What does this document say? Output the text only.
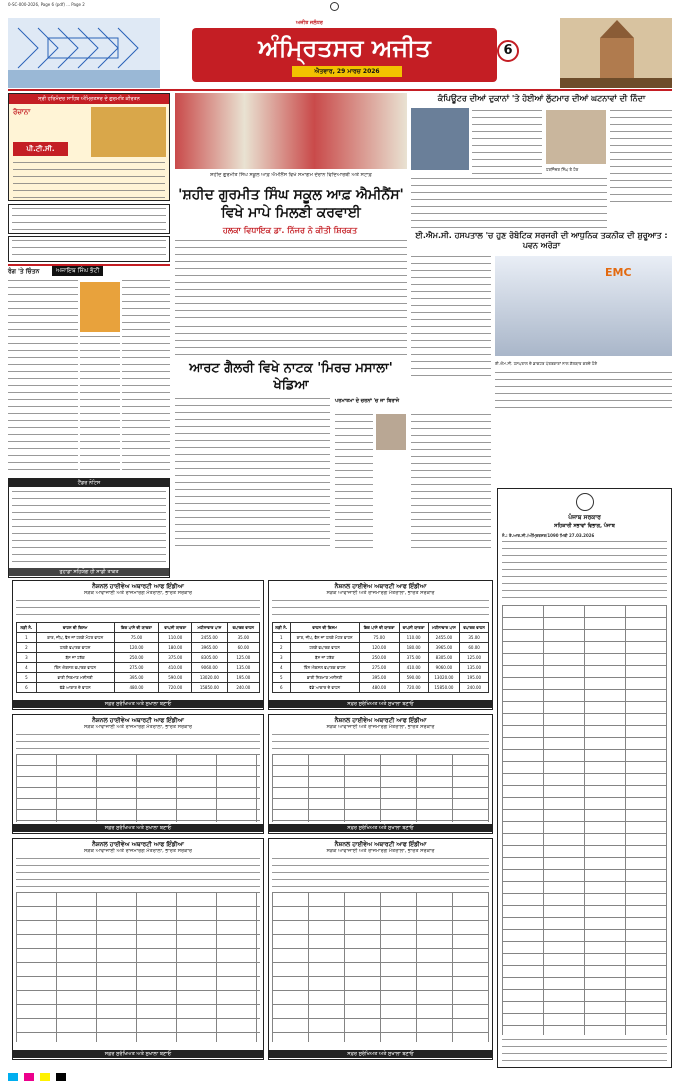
0-SC-000-2026, Page 6 (pdf) ... Page 2
ਅਜੀਤ ਜਲੰਧਰ
ਅੰਮ੍ਰਿਤਸਰ ਅਜੀਤ
ਐਤਵਾਰ, 29 ਮਾਰਚ 2026
6
ਸ੍ਰੀ ਹਰਿਮੰਦਰ ਸਾਹਿਬ ਅੰਮ੍ਰਿਤਸਰ ਦੇ ਗੁਰਮਤਿ ਕੀਰਤਨ
ਰੋਜ਼ਾਨਾ
ਪੀ.ਟੀ.ਸੀ.
ਸ਼ਹੀਦ ਗੁਰਮੀਤ ਸਿੰਘ ਸਕੂਲ ਆਫ਼ ਐਮੀਨੈਂਸ ਵਿਖੇ ਸਮਾਗਮ ਦੌਰਾਨ ਵਿਦਿਆਰਥੀ ਅਤੇ ਸਟਾਫ਼
'ਸ਼ਹੀਦ ਗੁਰਮੀਤ ਸਿੰਘ ਸਕੂਲ ਆਫ਼ ਐਮੀਨੈਂਸ' ਵਿਖੇ ਮਾਪੇ ਮਿਲਣੀ ਕਰਵਾਈ
ਹਲਕਾ ਵਿਧਾਇਕ ਡਾ. ਨਿੱਜਰ ਨੇ ਕੀਤੀ ਸ਼ਿਰਕਤ
ਕੰਪਿਊਟਰ ਦੀਆਂ ਦੁਕਾਨਾਂ 'ਤੇ ਹੋਈਆਂ ਲੁੱਟਮਾਰ ਦੀਆਂ ਘਟਨਾਵਾਂ ਦੀ ਨਿੰਦਾ
ਹਰਜਿੰਦਰ ਸਿੰਘ ਤੇ ਹੋਰ
ਈ.ਐਮ.ਸੀ. ਹਸਪਤਾਲ 'ਚ ਹੁਣ ਰੋਬੋਟਿਕ ਸਰਜਰੀ ਦੀ ਆਧੁਨਿਕ ਤਕਨੀਕ ਦੀ ਸ਼ੁਰੂਆਤ : ਪਵਨ ਅਰੋੜਾ
EMC
ਈ.ਐਮ.ਸੀ. ਹਸਪਤਾਲ ਦੇ ਡਾਕਟਰ ਪੱਤਰਕਾਰਾਂ ਨਾਲ ਗੱਲਬਾਤ ਕਰਦੇ ਹੋਏ
ਰੰਗ 'ਤੇ ਚਿੰਤਨ	ਅਜਾਇਬ ਸਿੰਘ ਭੱਟੀ
ਆਰਟ ਗੈਲਰੀ ਵਿਖੇ ਨਾਟਕ 'ਮਿਰਚ ਮਸਾਲਾ' ਖੇਡਿਆ
ਪਰਮਾਤਮਾ ਦੇ ਚਰਨਾਂ 'ਚ ਜਾ ਬਿਰਾਜੇ
ਟੈਂਡਰ ਨੋਟਿਸ
ਤੁਹਾਡਾ ਸਹਿਯੋਗ ਹੀ ਸਾਡੀ ਤਾਕਤ
ਪੰਜਾਬ ਸਰਕਾਰ
ਸਹਿਕਾਰੀ ਸਭਾਵਾਂ ਵਿਭਾਗ, ਪੰਜਾਬ
ਨੰ.: ਏ.ਆਰ.ਸੀ./ਅੰਮ੍ਰਿਤਸਰ/1090 ਮਿਤੀ 27.03.2026
ਨੈਸ਼ਨਲ ਹਾਈਵੇਅ ਅਥਾਰਟੀ ਆਫ ਇੰਡੀਆ
ਸੜਕ ਆਵਾਜਾਈ ਅਤੇ ਰਾਜਮਾਰਗ ਮੰਤਰਾਲਾ, ਭਾਰਤ ਸਰਕਾਰ
ਲੜੀ ਨੰ.	ਵਾਹਨ ਦੀ ਕਿਸਮ	ਇਕ ਪਾਸੇ ਦੀ ਯਾਤਰਾ	ਵਾਪਸੀ ਯਾਤਰਾ	ਮਹੀਨਾਵਾਰ ਪਾਸ	ਵਪਾਰਕ ਵਾਹਨ
1	ਕਾਰ, ਜੀਪ, ਵੈਨ ਜਾਂ ਹਲਕੇ ਮੋਟਰ ਵਾਹਨ	75.00	110.00	2455.00	35.00
2	ਹਲਕੇ ਵਪਾਰਕ ਵਾਹਨ	120.00	180.00	3965.00	60.00
3	ਬੱਸ ਜਾਂ ਟਰੱਕ	250.00	375.00	8305.00	125.00
4	ਤਿੰਨ ਐਕਸਲ ਵਪਾਰਕ ਵਾਹਨ	275.00	410.00	9060.00	135.00
5	ਭਾਰੀ ਨਿਰਮਾਣ ਮਸ਼ੀਨਰੀ	395.00	590.00	13020.00	195.00
6	ਵੱਡੇ ਆਕਾਰ ਦੇ ਵਾਹਨ	480.00	720.00	15850.00	240.00
ਸਫ਼ਰ ਸੁਰੱਖਿਅਤ ਅਤੇ ਸੁਖਾਲਾ ਬਣਾਓ
ਨੈਸ਼ਨਲ ਹਾਈਵੇਅ ਅਥਾਰਟੀ ਆਫ ਇੰਡੀਆ
ਸੜਕ ਆਵਾਜਾਈ ਅਤੇ ਰਾਜਮਾਰਗ ਮੰਤਰਾਲਾ, ਭਾਰਤ ਸਰਕਾਰ
ਲੜੀ ਨੰ.	ਵਾਹਨ ਦੀ ਕਿਸਮ	ਇਕ ਪਾਸੇ ਦੀ ਯਾਤਰਾ	ਵਾਪਸੀ ਯਾਤਰਾ	ਮਹੀਨਾਵਾਰ ਪਾਸ	ਵਪਾਰਕ ਵਾਹਨ
1	ਕਾਰ, ਜੀਪ, ਵੈਨ ਜਾਂ ਹਲਕੇ ਮੋਟਰ ਵਾਹਨ	75.00	110.00	2455.00	35.00
2	ਹਲਕੇ ਵਪਾਰਕ ਵਾਹਨ	120.00	180.00	3965.00	60.00
3	ਬੱਸ ਜਾਂ ਟਰੱਕ	250.00	375.00	8305.00	125.00
4	ਤਿੰਨ ਐਕਸਲ ਵਪਾਰਕ ਵਾਹਨ	275.00	410.00	9060.00	135.00
5	ਭਾਰੀ ਨਿਰਮਾਣ ਮਸ਼ੀਨਰੀ	395.00	590.00	13020.00	195.00
6	ਵੱਡੇ ਆਕਾਰ ਦੇ ਵਾਹਨ	480.00	720.00	15850.00	240.00
ਸਫ਼ਰ ਸੁਰੱਖਿਅਤ ਅਤੇ ਸੁਖਾਲਾ ਬਣਾਓ
ਨੈਸ਼ਨਲ ਹਾਈਵੇਅ ਅਥਾਰਟੀ ਆਫ ਇੰਡੀਆ
ਸੜਕ ਆਵਾਜਾਈ ਅਤੇ ਰਾਜਮਾਰਗ ਮੰਤਰਾਲਾ, ਭਾਰਤ ਸਰਕਾਰ
ਸਫ਼ਰ ਸੁਰੱਖਿਅਤ ਅਤੇ ਸੁਖਾਲਾ ਬਣਾਓ
ਨੈਸ਼ਨਲ ਹਾਈਵੇਅ ਅਥਾਰਟੀ ਆਫ ਇੰਡੀਆ
ਸੜਕ ਆਵਾਜਾਈ ਅਤੇ ਰਾਜਮਾਰਗ ਮੰਤਰਾਲਾ, ਭਾਰਤ ਸਰਕਾਰ
ਸਫ਼ਰ ਸੁਰੱਖਿਅਤ ਅਤੇ ਸੁਖਾਲਾ ਬਣਾਓ
ਨੈਸ਼ਨਲ ਹਾਈਵੇਅ ਅਥਾਰਟੀ ਆਫ ਇੰਡੀਆ
ਸੜਕ ਆਵਾਜਾਈ ਅਤੇ ਰਾਜਮਾਰਗ ਮੰਤਰਾਲਾ, ਭਾਰਤ ਸਰਕਾਰ
ਸਫ਼ਰ ਸੁਰੱਖਿਅਤ ਅਤੇ ਸੁਖਾਲਾ ਬਣਾਓ
ਨੈਸ਼ਨਲ ਹਾਈਵੇਅ ਅਥਾਰਟੀ ਆਫ ਇੰਡੀਆ
ਸੜਕ ਆਵਾਜਾਈ ਅਤੇ ਰਾਜਮਾਰਗ ਮੰਤਰਾਲਾ, ਭਾਰਤ ਸਰਕਾਰ
ਸਫ਼ਰ ਸੁਰੱਖਿਅਤ ਅਤੇ ਸੁਖਾਲਾ ਬਣਾਓ
